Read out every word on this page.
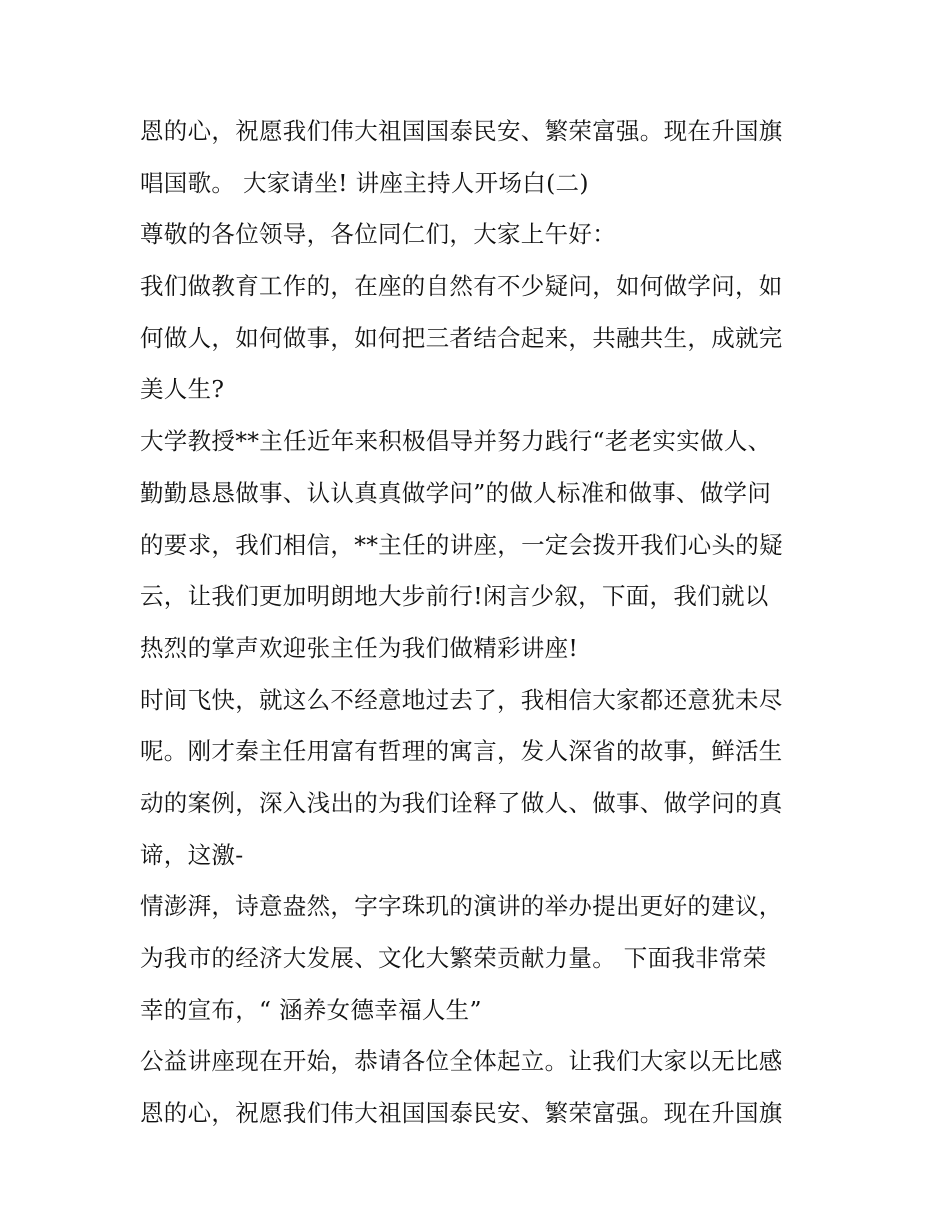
恩的心，祝愿我们伟大祖国国泰民安、繁荣富强。现在升国旗
唱国歌。 大家请坐! 讲座主持人开场白(二)
尊敬的各位领导，各位同仁们，大家上午好：
我们做教育工作的，在座的自然有不少疑问，如何做学问，如
何做人，如何做事，如何把三者结合起来，共融共生，成就完
美人生?
大学教授**主任近年来积极倡导并努力践行“老老实实做人、
勤勤恳恳做事、认认真真做学问”的做人标准和做事、做学问
的要求，我们相信，**主任的讲座，一定会拨开我们心头的疑
云，让我们更加明朗地大步前行!闲言少叙，下面，我们就以
热烈的掌声欢迎张主任为我们做精彩讲座!
时间飞快，就这么不经意地过去了，我相信大家都还意犹未尽
呢。刚才秦主任用富有哲理的寓言，发人深省的故事，鲜活生
动的案例，深入浅出的为我们诠释了做人、做事、做学问的真
谛，这激-
情澎湃，诗意盎然，字字珠玑的演讲的举办提出更好的建议，
为我市的经济大发展、文化大繁荣贡献力量。 下面我非常荣
幸的宣布，“ 涵养女德幸福人生”
公益讲座现在开始，恭请各位全体起立。让我们大家以无比感
恩的心，祝愿我们伟大祖国国泰民安、繁荣富强。现在升国旗
